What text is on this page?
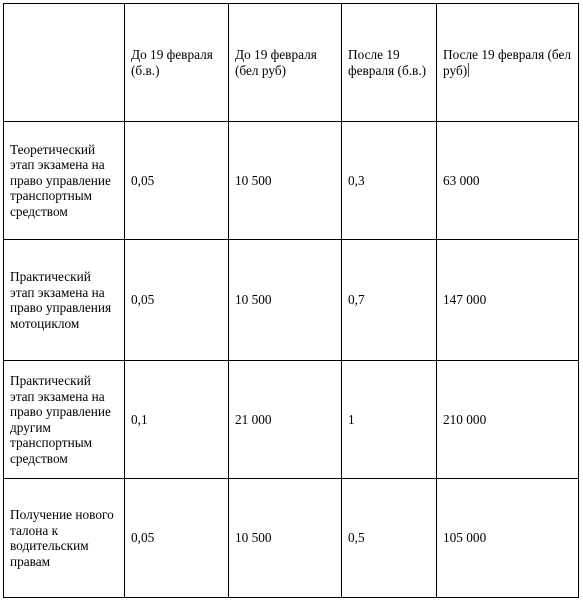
	До 19 февраля (б.в.)	До 19 февраля (бел руб)	После 19 февраля (б.в.)	После 19 февраля (бел руб)
Теоретический этап экзамена на право управление транспортным средством	0,05	10 500	0,3	63 000
Практический этап экзамена на право управления мотоциклом	0,05	10 500	0,7	147 000
Практический этап экзамена на право управление другим транспортным средством	0,1	21 000	1	210 000
Получение нового талона к водительским правам	0,05	10 500	0,5	105 000
